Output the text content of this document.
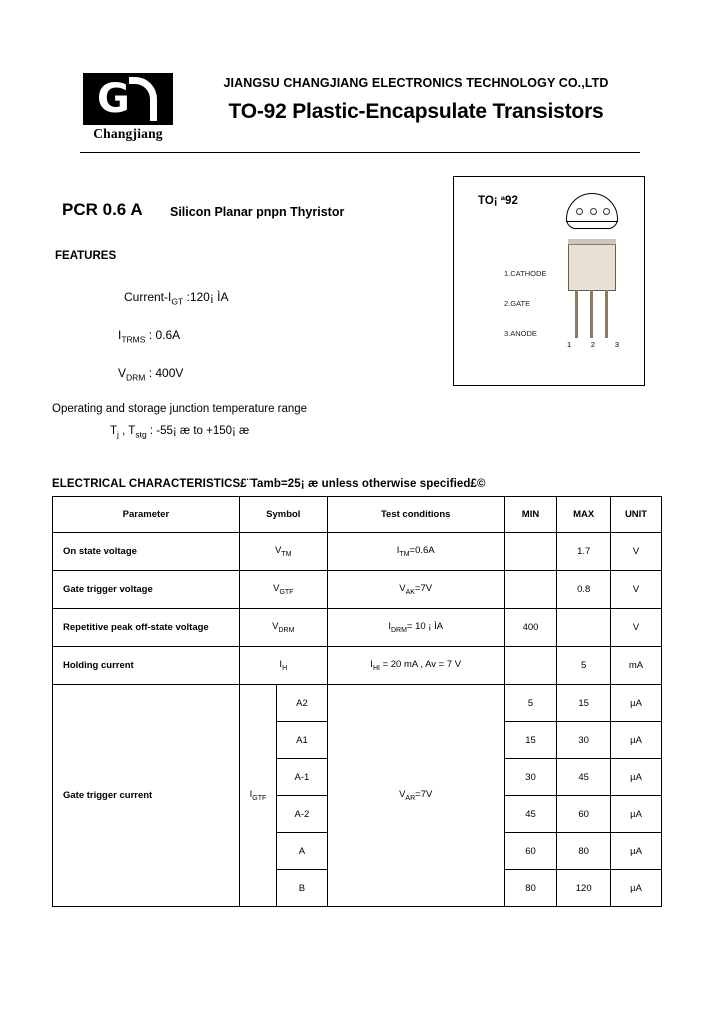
G
Changjiang
JIANGSU CHANGJIANG ELECTRONICS TECHNOLOGY CO.,LTD
TO-92 Plastic-Encapsulate Transistors
PCR 0.6 A Silicon Planar pnpn Thyristor
FEATURES
Current-$I_{GT}$ :120¡ ÌA
$I_{TRMS}$ : 0.6A
$V_{DRM}$ : 400V
Operating and storage junction temperature range
$T_j$ , $T_{stg}$ : -55¡ æ to +150¡ æ
TO¡ ª92
1.CATHODE
2.GATE
3.ANODE
1	2	3
ELECTRICAL CHARACTERISTICS£¨Tamb=25¡ æ unless otherwise specified£©
Parameter	Symbol		Test conditions	MIN	MAX	UNIT
On state voltage	$V_{TM}$		$I_{TM}=0.6A$		1.7	V
Gate trigger voltage	$V_{GTF}$		$V_{AK}=7V$		0.8	V
Repetitive peak off-state voltage	$V_{DRM}$		$I_{DRM}= 10$ ¡ ÌA	400		V
Holding current	$I_H$		$I_{HI} = 20$ mA , Av = 7 V		5	mA
Gate trigger current	$I_{GTF}$	A2	$V_{AR}=7V$	5	15	µA
		A1		15	30	µA
		A-1		30	45	µA
		A-2		45	60	µA
		A		60	80	µA
		B		80	120	µA
